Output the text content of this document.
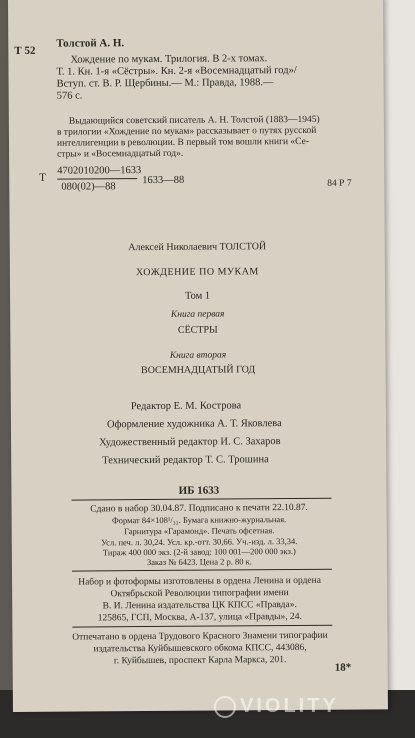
Т 52
Толстой А. Н.
Хождение по мукам. Трилогия. В 2-х томах.
Т. 1. Кн. 1-я «Сёстры». Кн. 2-я «Восемнадцатый год»/
Вступ. ст. В. Р. Щербины.— М.: Правда, 1988.—
576 с.
Выдающийся советский писатель А. Н. Толстой (1883—1945)
в трилогии «Хождение по мукам» рассказывает о путях русской
интеллигенции в революции. В первый том вошли книги «Се-
стры» и «Восемнадцатый год».
Т
4702010200—1633
080(02)—88
1633—88	84 Р 7
Алексей Николаевич ТОЛСТОЙ
ХОЖДЕНИЕ ПО МУКАМ
Том 1
Книга первая
СЁСТРЫ
Книга вторая
ВОСЕМНАДЦАТЫЙ ГОД
Редактор Е. М. Кострова
Оформление художника А. Т. Яковлева
Художественный редактор И. С. Захаров
Технический редактор Т. С. Трошина
ИБ 1633
Сдано в набор 30.04.87. Подписано к печати 22.10.87.
Формат 84×108¹/₃₂. Бумага книжно-журнальная.
Гарнитура «Гарамонд». Печать офсетная.
Усл. печ. л. 30,24. Усл. кр.-отт. 30,66. Уч.-изд. л. 33,34.
Тираж 400 000 экз. (2-й завод: 100 001—200 000 экз.)
Заказ № 6423. Цена 2 р. 80 к.
Набор и фотоформы изготовлены в ордена Ленина и ордена
Октябрьской Революции типографии имени
В. И. Ленина издательства ЦК КПСС «Правда».
125865, ГСП, Москва, А-137, улица «Правды», 24.
Отпечатано в ордена Трудового Красного Знамени типографии
издательства Куйбышевского обкома КПСС, 443086,
г. Куйбышев, проспект Карла Маркса, 201.
18*
VIOLITY
